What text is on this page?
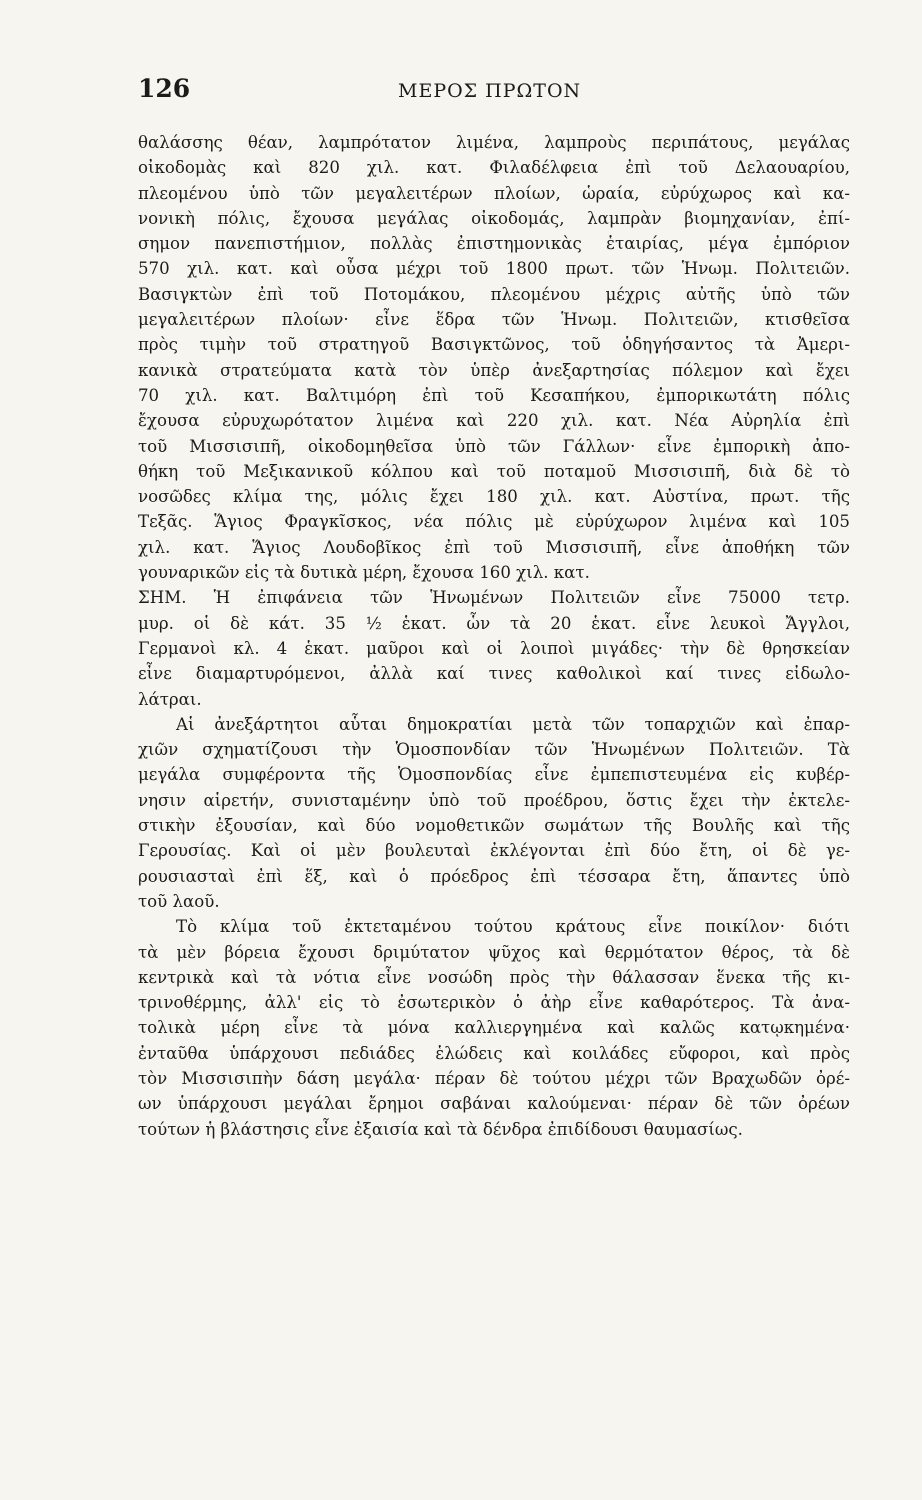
126	ΜΕΡΟΣ ΠΡΩΤΟΝ
θαλάσσης θέαν, λαμπρότατον λιμένα, λαμπροὺς περιπάτους, μεγάλας
οἰκοδομὰς καὶ 820 χιλ. κατ. Φιλαδέλφεια ἐπὶ τοῦ Δελαουαρίου,
πλεομένου ὑπὸ τῶν μεγαλειτέρων πλοίων, ὡραία, εὐρύχωρος καὶ κα-
νονικὴ πόλις, ἔχουσα μεγάλας οἰκοδομάς, λαμπρὰν βιομηχανίαν, ἐπί-
σημον πανεπιστήμιον, πολλὰς ἐπιστημονικὰς ἑταιρίας, μέγα ἐμπόριον
570 χιλ. κατ. καὶ οὖσα μέχρι τοῦ 1800 πρωτ. τῶν Ἡνωμ. Πολιτειῶν.
Βασιγκτὼν ἐπὶ τοῦ Ποτομάκου, πλεομένου μέχρις αὐτῆς ὑπὸ τῶν
μεγαλειτέρων πλοίων· εἶνε ἕδρα τῶν Ἡνωμ. Πολιτειῶν, κτισθεῖσα
πρὸς τιμὴν τοῦ στρατηγοῦ Βασιγκτῶνος, τοῦ ὁδηγήσαντος τὰ Ἀμερι-
κανικὰ στρατεύματα κατὰ τὸν ὑπὲρ ἀνεξαρτησίας πόλεμον καὶ ἔχει
70 χιλ. κατ. Βαλτιμόρη ἐπὶ τοῦ Κεσαπήκου, ἐμπορικωτάτη πόλις
ἔχουσα εὐρυχωρότατον λιμένα καὶ 220 χιλ. κατ. Νέα Αὐρηλία ἐπὶ
τοῦ Μισσισιπῆ, οἰκοδομηθεῖσα ὑπὸ τῶν Γάλλων· εἶνε ἐμπορικὴ ἀπο-
θήκη τοῦ Μεξικανικοῦ κόλπου καὶ τοῦ ποταμοῦ Μισσισιπῆ, διὰ δὲ τὸ
νοσῶδες κλίμα της, μόλις ἔχει 180 χιλ. κατ. Αὐστίνα, πρωτ. τῆς
Τεξᾶς. Ἅγιος Φραγκῖσκος, νέα πόλις μὲ εὐρύχωρον λιμένα καὶ 105
χιλ. κατ. Ἅγιος Λουδοβῖκος ἐπὶ τοῦ Μισσισιπῆ, εἶνε ἀποθήκη τῶν
γουναρικῶν εἰς τὰ δυτικὰ μέρη, ἔχουσα 160 χιλ. κατ.
ΣΗΜ. Ἡ ἐπιφάνεια τῶν Ἡνωμένων Πολιτειῶν εἶνε 75000 τετρ.
μυρ. οἱ δὲ κάτ. 35 ½ ἑκατ. ὧν τὰ 20 ἑκατ. εἶνε λευκοὶ Ἄγγλοι,
Γερμανοὶ κλ. 4 ἑκατ. μαῦροι καὶ οἱ λοιποὶ μιγάδες· τὴν δὲ θρησκείαν
εἶνε διαμαρτυρόμενοι, ἀλλὰ καί τινες καθολικοὶ καί τινες εἰδωλο-
λάτραι.
Αἱ ἀνεξάρτητοι αὗται δημοκρατίαι μετὰ τῶν τοπαρχιῶν καὶ ἐπαρ-
χιῶν σχηματίζουσι τὴν Ὁμοσπονδίαν τῶν Ἡνωμένων Πολιτειῶν. Τὰ
μεγάλα συμφέροντα τῆς Ὁμοσπονδίας εἶνε ἐμπεπιστευμένα εἰς κυβέρ-
νησιν αἱρετήν, συνισταμένην ὑπὸ τοῦ προέδρου, ὅστις ἔχει τὴν ἐκτελε-
στικὴν ἐξουσίαν, καὶ δύο νομοθετικῶν σωμάτων τῆς Βουλῆς καὶ τῆς
Γερουσίας. Καὶ οἱ μὲν βουλευταὶ ἐκλέγονται ἐπὶ δύο ἔτη, οἱ δὲ γε-
ρουσιασταὶ ἐπὶ ἕξ, καὶ ὁ πρόεδρος ἐπὶ τέσσαρα ἔτη, ἅπαντες ὑπὸ
τοῦ λαοῦ.
Τὸ κλίμα τοῦ ἐκτεταμένου τούτου κράτους εἶνε ποικίλον· διότι
τὰ μὲν βόρεια ἔχουσι δριμύτατον ψῦχος καὶ θερμότατον θέρος, τὰ δὲ
κεντρικὰ καὶ τὰ νότια εἶνε νοσώδη πρὸς τὴν θάλασσαν ἕνεκα τῆς κι-
τρινοθέρμης, ἀλλ' εἰς τὸ ἐσωτερικὸν ὁ ἀὴρ εἶνε καθαρότερος. Τὰ ἀνα-
τολικὰ μέρη εἶνε τὰ μόνα καλλιεργημένα καὶ καλῶς κατῳκημένα·
ἐνταῦθα ὑπάρχουσι πεδιάδες ἑλώδεις καὶ κοιλάδες εὔφοροι, καὶ πρὸς
τὸν Μισσισιπὴν δάση μεγάλα· πέραν δὲ τούτου μέχρι τῶν Βραχωδῶν ὀρέ-
ων ὑπάρχουσι μεγάλαι ἔρημοι σαβάναι καλούμεναι· πέραν δὲ τῶν ὀρέων
τούτων ἡ βλάστησις εἶνε ἐξαισία καὶ τὰ δένδρα ἐπιδίδουσι θαυμασίως.
